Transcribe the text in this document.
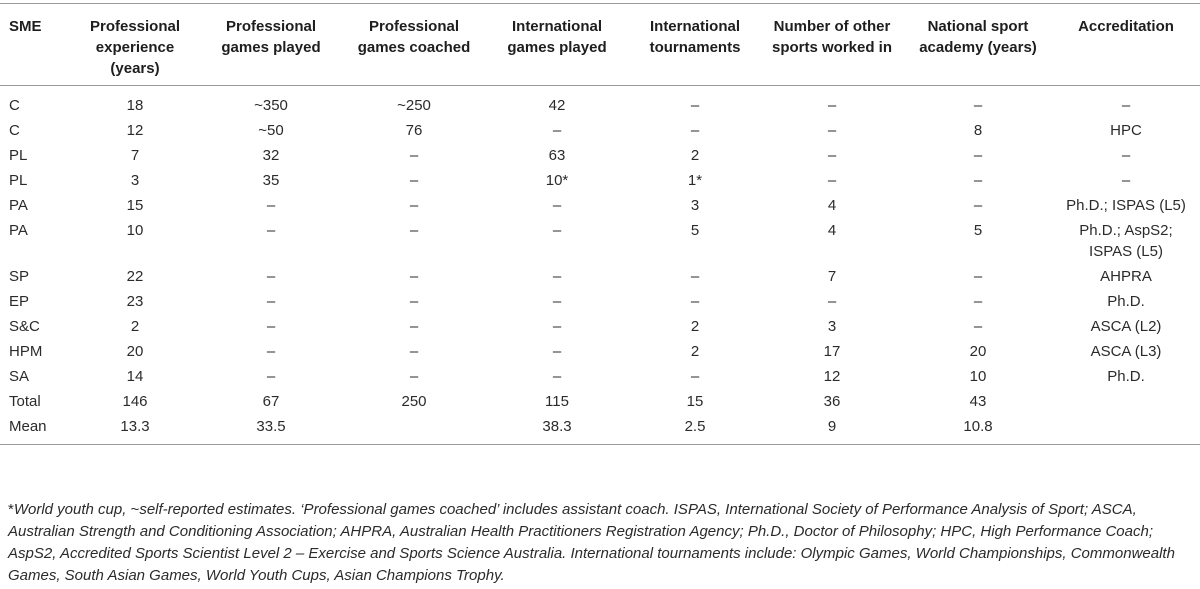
SME	Professional experience (years)	Professional games played	Professional games coached	International games played	International tournaments	Number of other sports worked in	National sport academy (years)	Accreditation
C	18	~350	~250	42	–	–	–	–
C	12	~50	76	–	–	–	8	HPC
PL	7	32	–	63	2	–	–	–
PL	3	35	–	10*	1*	–	–	–
PA	15	–	–	–	3	4	–	Ph.D.; ISPAS (L5)
PA	10	–	–	–	5	4	5	Ph.D.; AspS2; ISPAS (L5)
SP	22	–	–	–	–	7	–	AHPRA
EP	23	–	–	–	–	–	–	Ph.D.
S&C	2	–	–	–	2	3	–	ASCA (L2)
HPM	20	–	–	–	2	17	20	ASCA (L3)
SA	14	–	–	–	–	12	10	Ph.D.
Total	146	67	250	115	15	36	43	
Mean	13.3	33.5		38.3	2.5	9	10.8	
*World youth cup, ~self-reported estimates. ‘Professional games coached’ includes assistant coach. ISPAS, International Society of Performance Analysis of Sport; ASCA, Australian Strength and Conditioning Association; AHPRA, Australian Health Practitioners Registration Agency; Ph.D., Doctor of Philosophy; HPC, High Performance Coach; AspS2, Accredited Sports Scientist Level 2 – Exercise and Sports Science Australia. International tournaments include: Olympic Games, World Championships, Commonwealth Games, South Asian Games, World Youth Cups, Asian Champions Trophy.
